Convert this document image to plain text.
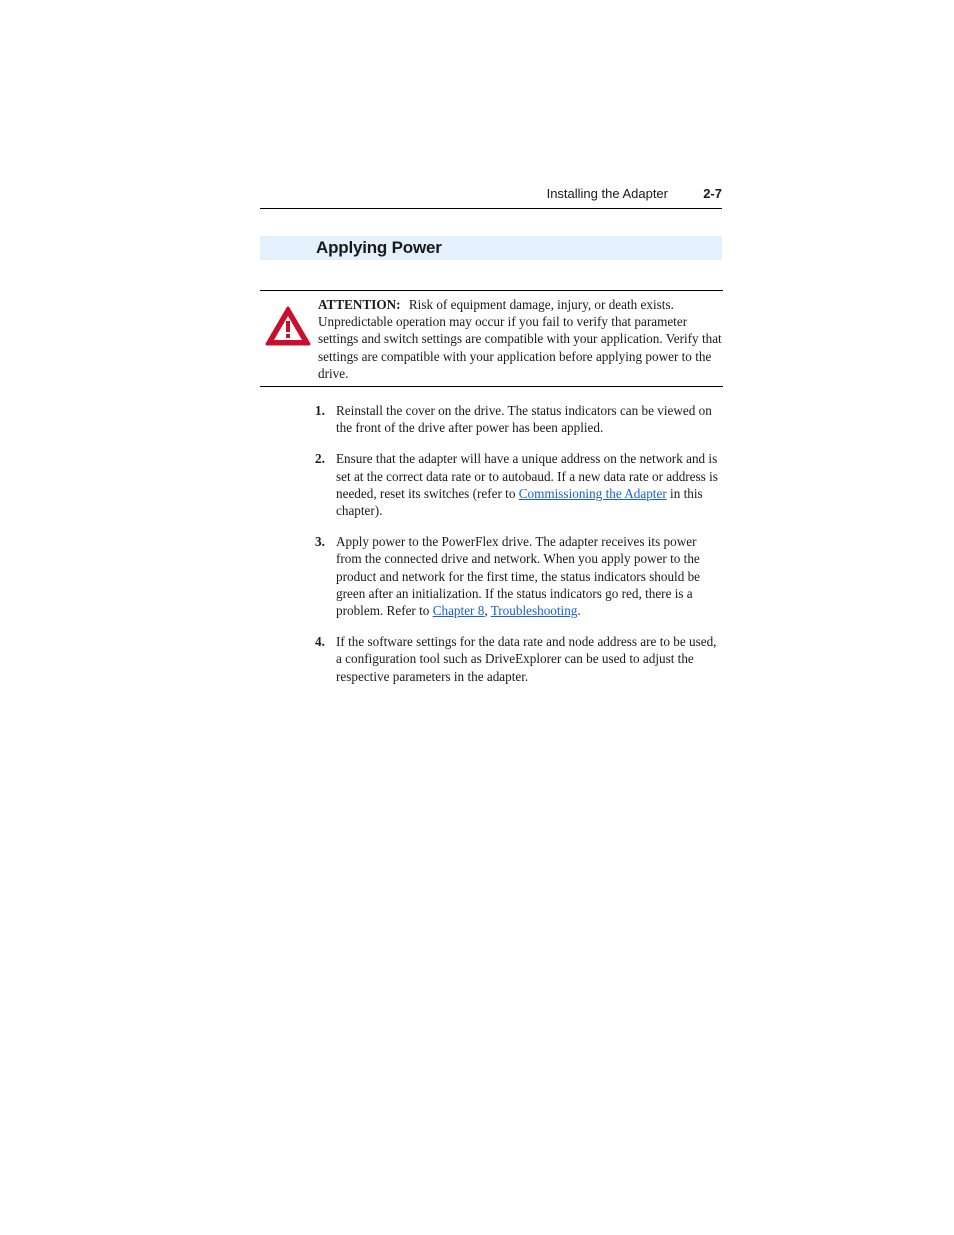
Installing the Adapter	2-7
Applying Power
ATTENTION: Risk of equipment damage, injury, or death exists. Unpredictable operation may occur if you fail to verify that parameter settings and switch settings are compatible with your application. Verify that settings are compatible with your application before applying power to the drive.
1. Reinstall the cover on the drive. The status indicators can be viewed on the front of the drive after power has been applied.
2. Ensure that the adapter will have a unique address on the network and is set at the correct data rate or to autobaud. If a new data rate or address is needed, reset its switches (refer to Commissioning the Adapter in this chapter).
3. Apply power to the PowerFlex drive. The adapter receives its power from the connected drive and network. When you apply power to the product and network for the first time, the status indicators should be green after an initialization. If the status indicators go red, there is a problem. Refer to Chapter 8, Troubleshooting.
4. If the software settings for the data rate and node address are to be used, a configuration tool such as DriveExplorer can be used to adjust the respective parameters in the adapter.
